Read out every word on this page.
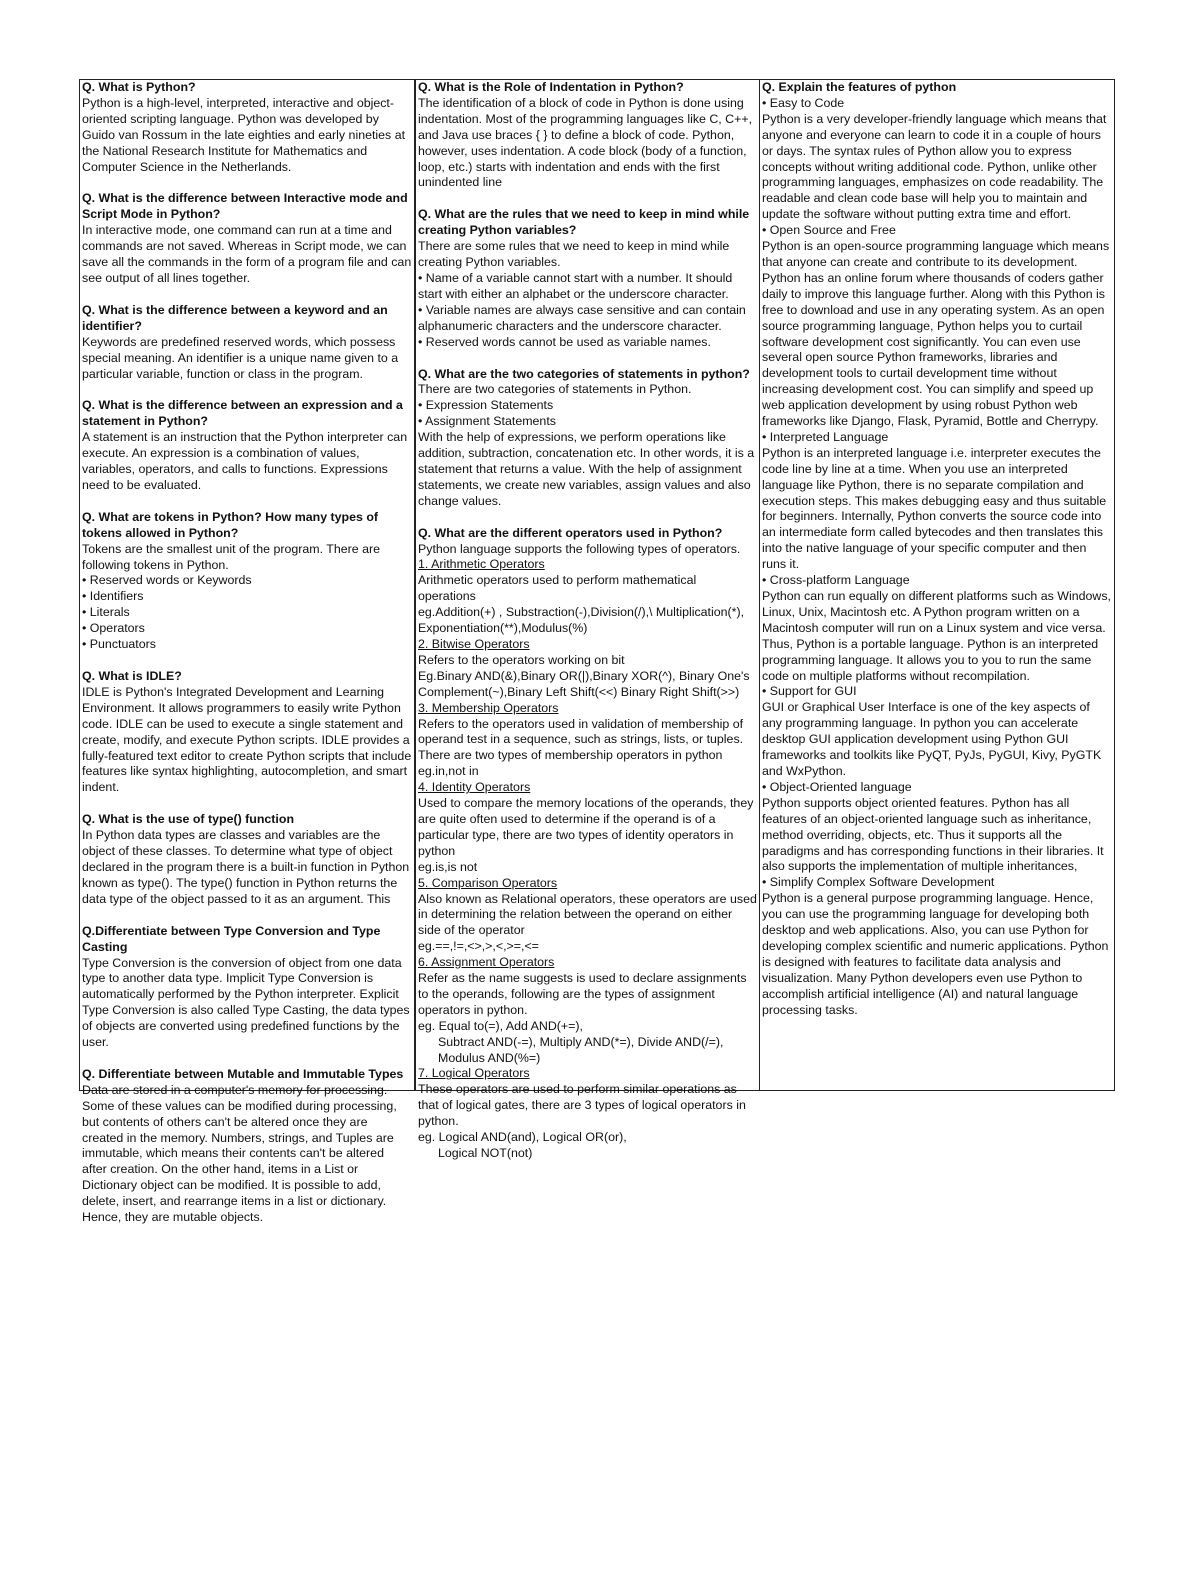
Q. What is Python?
Python is a high-level, interpreted, interactive and object-oriented scripting language. Python was developed by Guido van Rossum in the late eighties and early nineties at the National Research Institute for Mathematics and Computer Science in the Netherlands.
Q. What is the difference between Interactive mode and Script Mode in Python?
In interactive mode, one command can run at a time and commands are not saved. Whereas in Script mode, we can save all the commands in the form of a program file and can see output of all lines together.
Q. What is the difference between a keyword and an identifier?
Keywords are predefined reserved words, which possess special meaning. An identifier is a unique name given to a particular variable, function or class in the program.
Q. What is the difference between an expression and a statement in Python?
A statement is an instruction that the Python interpreter can execute. An expression is a combination of values, variables, operators, and calls to functions. Expressions need to be evaluated.
Q. What are tokens in Python? How many types of tokens allowed in Python?
Tokens are the smallest unit of the program. There are following tokens in Python.
• Reserved words or Keywords
• Identifiers
• Literals
• Operators
• Punctuators
Q. What is IDLE?
IDLE is Python's Integrated Development and Learning Environment. It allows programmers to easily write Python code. IDLE can be used to execute a single statement and create, modify, and execute Python scripts. IDLE provides a fully-featured text editor to create Python scripts that include features like syntax highlighting, autocompletion, and smart indent.
Q. What is the use of type() function
In Python data types are classes and variables are the object of these classes. To determine what type of object declared in the program there is a built-in function in Python known as type(). The type() function in Python returns the data type of the object passed to it as an argument. This
Q.Differentiate between Type Conversion and Type Casting
Type Conversion is the conversion of object from one data type to another data type. Implicit Type Conversion is automatically performed by the Python interpreter. Explicit Type Conversion is also called Type Casting, the data types of objects are converted using predefined functions by the user.
Q. Differentiate between Mutable and Immutable Types
Data are stored in a computer's memory for processing. Some of these values can be modified during processing, but contents of others can't be altered once they are created in the memory. Numbers, strings, and Tuples are immutable, which means their contents can't be altered after creation. On the other hand, items in a List or Dictionary object can be modified. It is possible to add, delete, insert, and rearrange items in a list or dictionary. Hence, they are mutable objects.
Q. What is the Role of Indentation in Python?
The identification of a block of code in Python is done using indentation. Most of the programming languages like C, C++, and Java use braces { } to define a block of code. Python, however, uses indentation. A code block (body of a function, loop, etc.) starts with indentation and ends with the first unindented line
Q. What are the rules that we need to keep in mind while creating Python variables?
There are some rules that we need to keep in mind while creating Python variables.
• Name of a variable cannot start with a number. It should start with either an alphabet or the underscore character.
• Variable names are always case sensitive and can contain alphanumeric characters and the underscore character.
• Reserved words cannot be used as variable names.
Q. What are the two categories of statements in python?
There are two categories of statements in Python.
• Expression Statements
• Assignment Statements
With the help of expressions, we perform operations like addition, subtraction, concatenation etc. In other words, it is a statement that returns a value. With the help of assignment statements, we create new variables, assign values and also change values.
Q. What are the different operators used in Python?
Python language supports the following types of operators.
1. Arithmetic Operators
Arithmetic operators used to perform mathematical operations
eg.Addition(+) , Substraction(-),Division(/),\ Multiplication(*), Exponentiation(**),Modulus(%)
2. Bitwise Operators
Refers to the operators working on bit
Eg.Binary AND(&),Binary OR(|),Binary XOR(^), Binary One's Complement(~),Binary Left Shift(<<) Binary Right Shift(>>)
3. Membership Operators
Refers to the operators used in validation of membership of operand test in a sequence, such as strings, lists, or tuples. There are two types of membership operators in python
eg.in,not in
4. Identity Operators
Used to compare the memory locations of the operands, they are quite often used to determine if the operand is of a particular type, there are two types of identity operators in python
eg.is,is not
5. Comparison Operators
Also known as Relational operators, these operators are used in determining the relation between the operand on either side of the operator
eg.==,!=,<>,>,<,>=,<=
6. Assignment Operators
Refer as the name suggests is used to declare assignments to the operands, following are the types of assignment operators in python.
eg. Equal to(=), Add AND(+=),
Subtract AND(-=), Multiply AND(*=), Divide AND(/=), Modulus AND(%=)
7. Logical Operators
These operators are used to perform similar operations as that of logical gates, there are 3 types of logical operators in python.
eg. Logical AND(and), Logical OR(or),
Logical NOT(not)
Q. Explain the features of python
• Easy to Code
Python is a very developer-friendly language which means that anyone and everyone can learn to code it in a couple of hours or days. The syntax rules of Python allow you to express concepts without writing additional code. Python, unlike other programming languages, emphasizes on code readability. The readable and clean code base will help you to maintain and update the software without putting extra time and effort.
• Open Source and Free
Python is an open-source programming language which means that anyone can create and contribute to its development. Python has an online forum where thousands of coders gather daily to improve this language further. Along with this Python is free to download and use in any operating system. As an open source programming language, Python helps you to curtail software development cost significantly. You can even use several open source Python frameworks, libraries and development tools to curtail development time without increasing development cost. You can simplify and speed up web application development by using robust Python web frameworks like Django, Flask, Pyramid, Bottle and Cherrypy.
• Interpreted Language
Python is an interpreted language i.e. interpreter executes the code line by line at a time. When you use an interpreted language like Python, there is no separate compilation and execution steps. This makes debugging easy and thus suitable for beginners. Internally, Python converts the source code into an intermediate form called bytecodes and then translates this into the native language of your specific computer and then runs it.
• Cross-platform Language
Python can run equally on different platforms such as Windows, Linux, Unix, Macintosh etc. A Python program written on a Macintosh computer will run on a Linux system and vice versa. Thus, Python is a portable language. Python is an interpreted programming language. It allows you to you to run the same code on multiple platforms without recompilation.
• Support for GUI
GUI or Graphical User Interface is one of the key aspects of any programming language. In python you can accelerate desktop GUI application development using Python GUI frameworks and toolkits like PyQT, PyJs, PyGUI, Kivy, PyGTK and WxPython.
• Object-Oriented language
Python supports object oriented features. Python has all features of an object-oriented language such as inheritance, method overriding, objects, etc. Thus it supports all the paradigms and has corresponding functions in their libraries. It also supports the implementation of multiple inheritances,
• Simplify Complex Software Development
Python is a general purpose programming language. Hence, you can use the programming language for developing both desktop and web applications. Also, you can use Python for developing complex scientific and numeric applications. Python is designed with features to facilitate data analysis and visualization. Many Python developers even use Python to accomplish artificial intelligence (AI) and natural language processing tasks.
